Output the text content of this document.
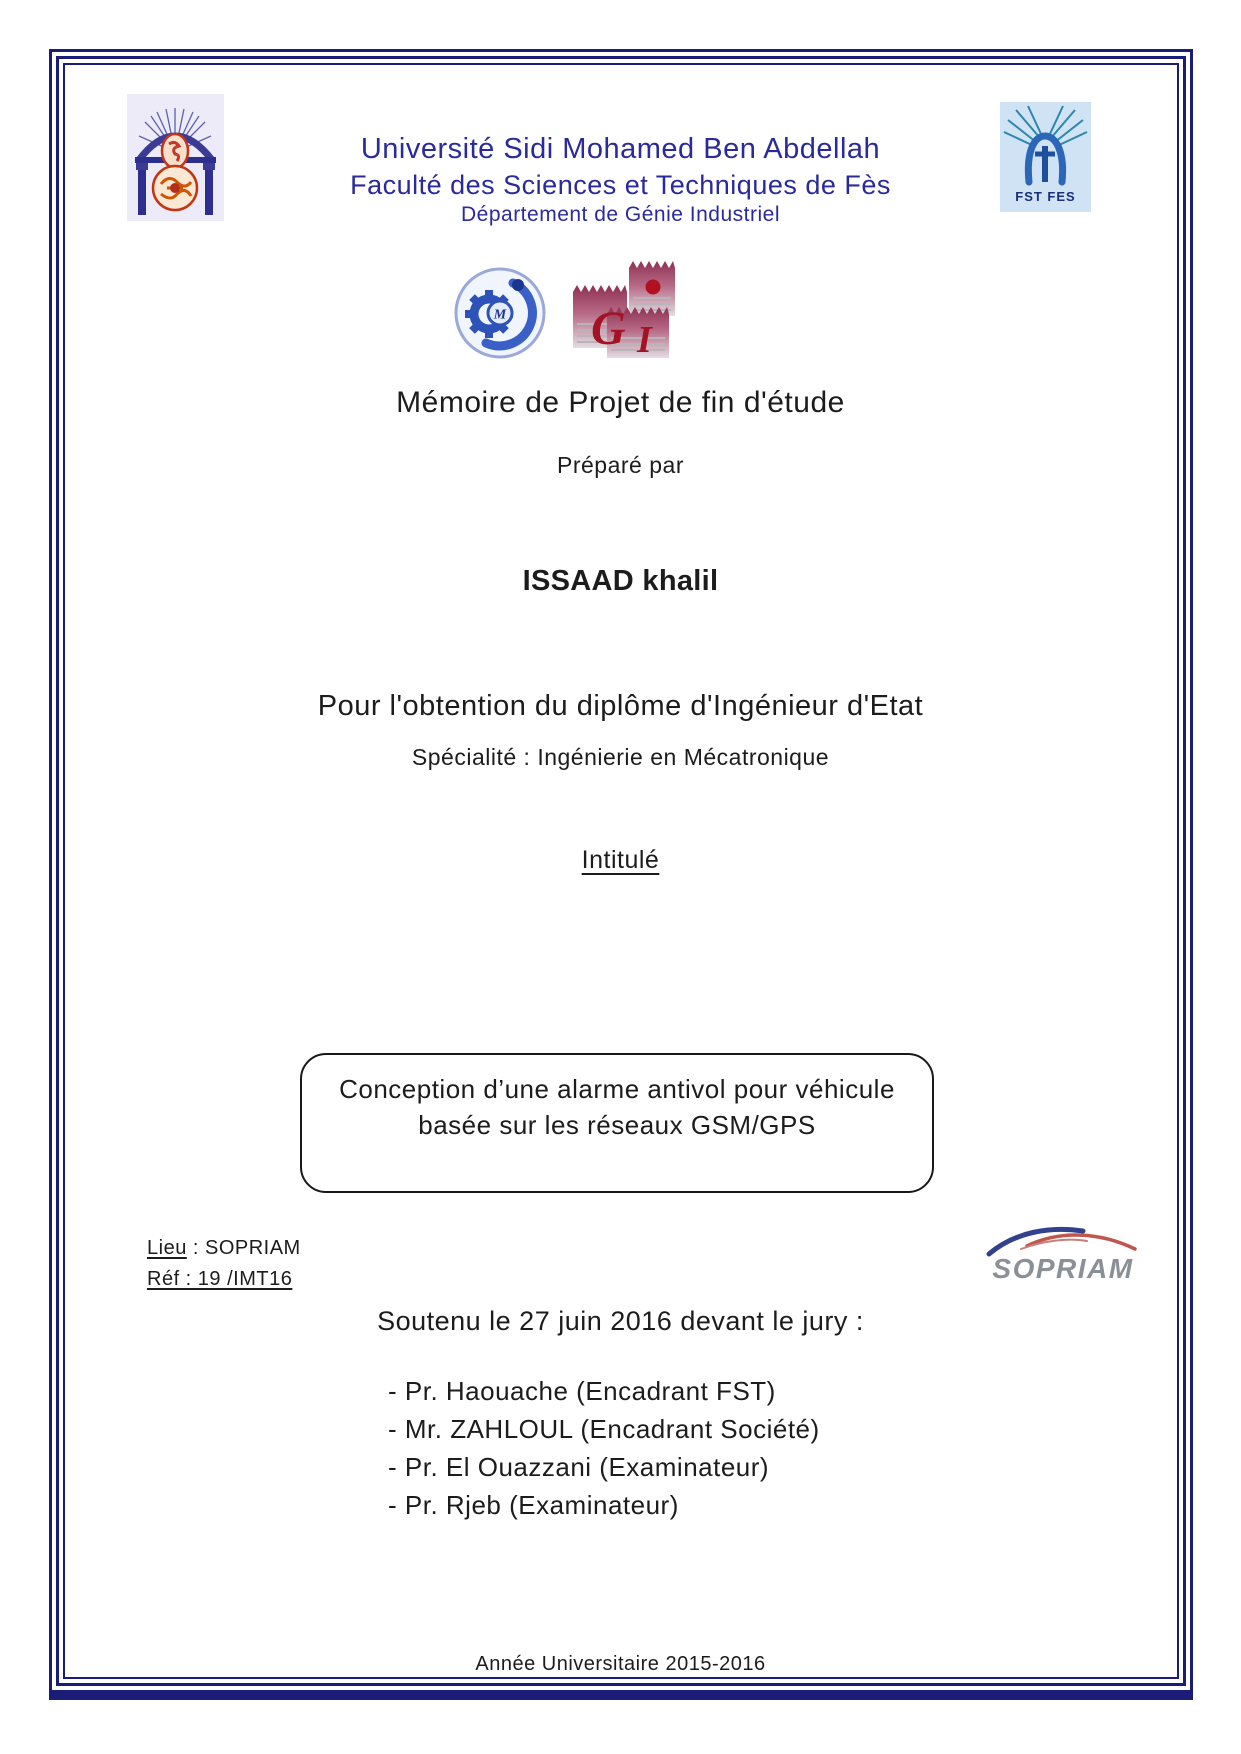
Université Sidi Mohamed Ben Abdellah
Faculté des Sciences et Techniques de Fès
Département de Génie Industriel
FST FES
M G I
Mémoire de Projet de fin d'étude
Préparé par
ISSAAD khalil
Pour l'obtention du diplôme d'Ingénieur d'Etat
Spécialité : Ingénierie en Mécatronique
Intitulé
Conception d’une alarme antivol pour véhicule
basée sur les réseaux GSM/GPS
Lieu : SOPRIAM
Réf : 19 /IMT16	SOPRIAM
Soutenu le 27 juin 2016 devant le jury :
- Pr. Haouache (Encadrant FST)
- Mr. ZAHLOUL (Encadrant Société)
- Pr. El Ouazzani (Examinateur)
- Pr. Rjeb (Examinateur)
Année Universitaire 2015-2016
